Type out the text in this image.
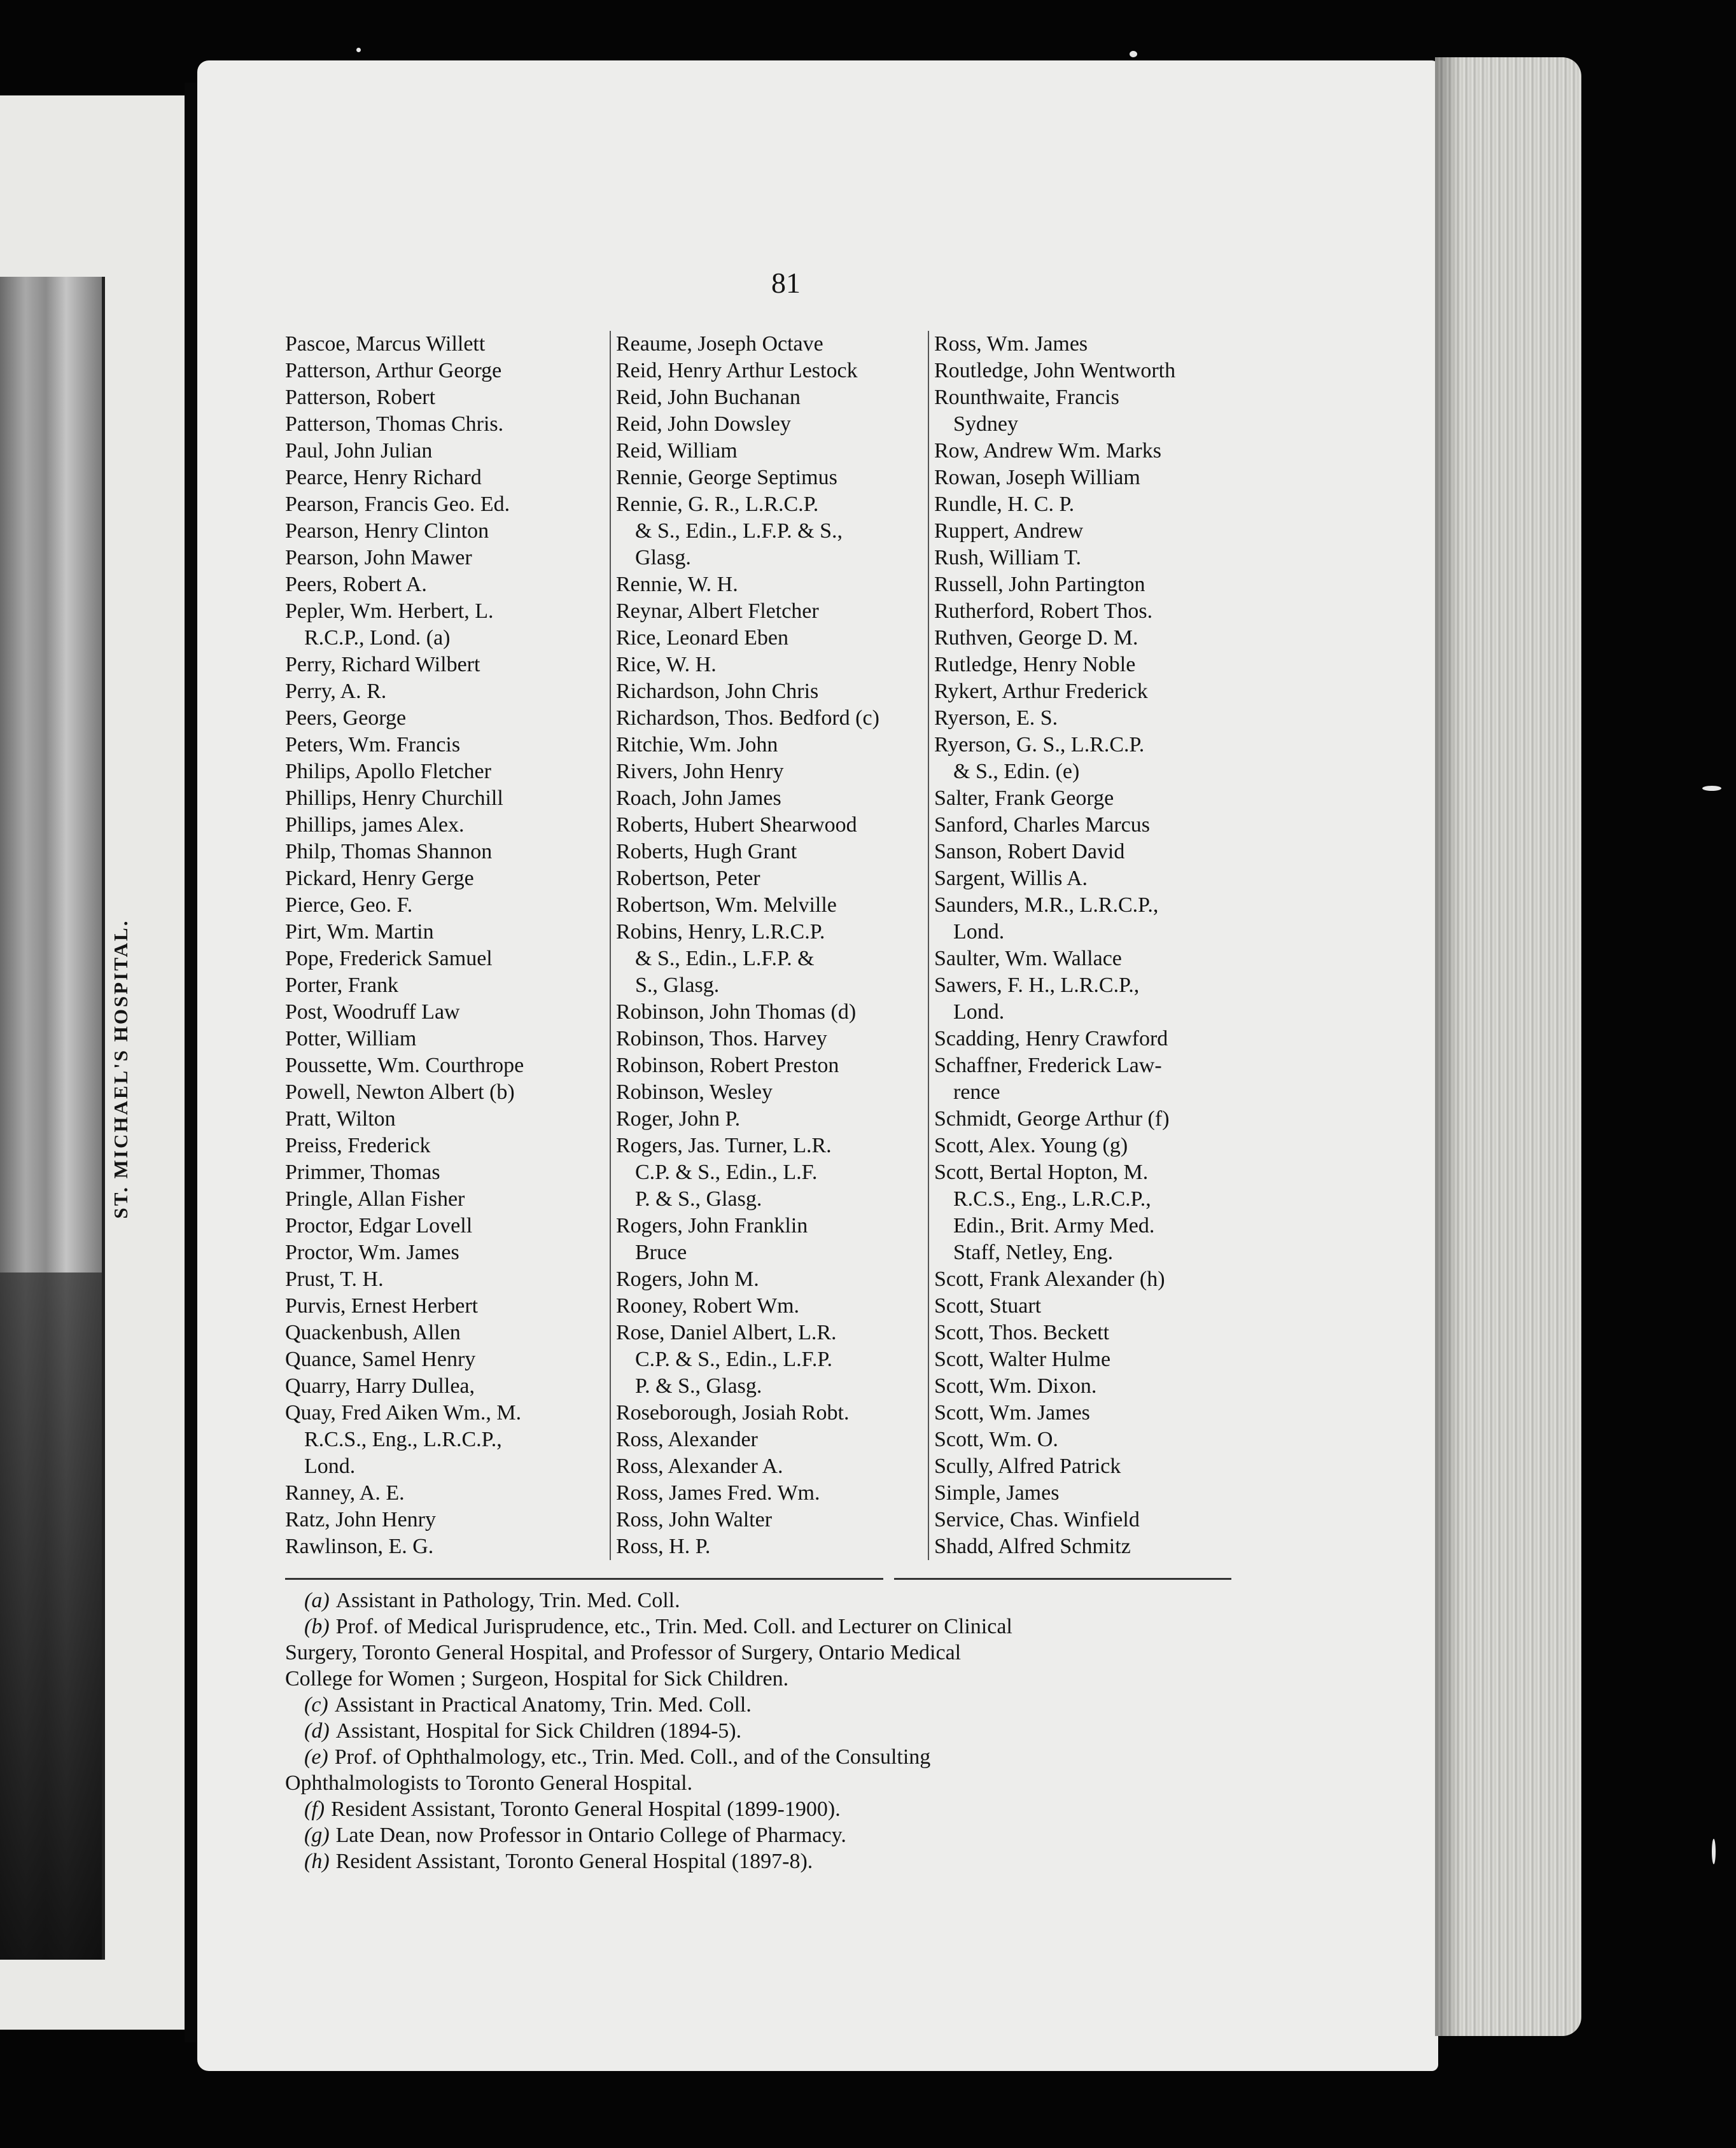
ST. MICHAEL'S HOSPITAL.
81
Pascoe, Marcus Willett
Patterson, Arthur George
Patterson, Robert
Patterson, Thomas Chris.
Paul, John Julian
Pearce, Henry Richard
Pearson, Francis Geo. Ed.
Pearson, Henry Clinton
Pearson, John Mawer
Peers, Robert A.
Pepler, Wm. Herbert, L.
R.C.P., Lond. (a)
Perry, Richard Wilbert
Perry, A. R.
Peers, George
Peters, Wm. Francis
Philips, Apollo Fletcher
Phillips, Henry Churchill
Phillips, james Alex.
Philp, Thomas Shannon
Pickard, Henry Gerge
Pierce, Geo. F.
Pirt, Wm. Martin
Pope, Frederick Samuel
Porter, Frank
Post, Woodruff Law
Potter, William
Poussette, Wm. Courthrope
Powell, Newton Albert (b)
Pratt, Wilton
Preiss, Frederick
Primmer, Thomas
Pringle, Allan Fisher
Proctor, Edgar Lovell
Proctor, Wm. James
Prust, T. H.
Purvis, Ernest Herbert
Quackenbush, Allen
Quance, Samel Henry
Quarry, Harry Dullea,
Quay, Fred Aiken Wm., M.
R.C.S., Eng., L.R.C.P.,
Lond.
Ranney, A. E.
Ratz, John Henry
Rawlinson, E. G.
Reaume, Joseph Octave
Reid, Henry Arthur Lestock
Reid, John Buchanan
Reid, John Dowsley
Reid, William
Rennie, George Septimus
Rennie, G. R., L.R.C.P.
& S., Edin., L.F.P. & S.,
Glasg.
Rennie, W. H.
Reynar, Albert Fletcher
Rice, Leonard Eben
Rice, W. H.
Richardson, John Chris
Richardson, Thos. Bedford (c)
Ritchie, Wm. John
Rivers, John Henry
Roach, John James
Roberts, Hubert Shearwood
Roberts, Hugh Grant
Robertson, Peter
Robertson, Wm. Melville
Robins, Henry, L.R.C.P.
& S., Edin., L.F.P. &
S., Glasg.
Robinson, John Thomas (d)
Robinson, Thos. Harvey
Robinson, Robert Preston
Robinson, Wesley
Roger, John P.
Rogers, Jas. Turner, L.R.
C.P. & S., Edin., L.F.
P. & S., Glasg.
Rogers, John Franklin
Bruce
Rogers, John M.
Rooney, Robert Wm.
Rose, Daniel Albert, L.R.
C.P. & S., Edin., L.F.P.
P. & S., Glasg.
Roseborough, Josiah Robt.
Ross, Alexander
Ross, Alexander A.
Ross, James Fred. Wm.
Ross, John Walter
Ross, H. P.
Ross, Wm. James
Routledge, John Wentworth
Rounthwaite, Francis
Sydney
Row, Andrew Wm. Marks
Rowan, Joseph William
Rundle, H. C. P.
Ruppert, Andrew
Rush, William T.
Russell, John Partington
Rutherford, Robert Thos.
Ruthven, George D. M.
Rutledge, Henry Noble
Rykert, Arthur Frederick
Ryerson, E. S.
Ryerson, G. S., L.R.C.P.
& S., Edin. (e)
Salter, Frank George
Sanford, Charles Marcus
Sanson, Robert David
Sargent, Willis A.
Saunders, M.R., L.R.C.P.,
Lond.
Saulter, Wm. Wallace
Sawers, F. H., L.R.C.P.,
Lond.
Scadding, Henry Crawford
Schaffner, Frederick Law-
rence
Schmidt, George Arthur (f)
Scott, Alex. Young (g)
Scott, Bertal Hopton, M.
R.C.S., Eng., L.R.C.P.,
Edin., Brit. Army Med.
Staff, Netley, Eng.
Scott, Frank Alexander (h)
Scott, Stuart
Scott, Thos. Beckett
Scott, Walter Hulme
Scott, Wm. Dixon.
Scott, Wm. James
Scott, Wm. O.
Scully, Alfred Patrick
Simple, James
Service, Chas. Winfield
Shadd, Alfred Schmitz

(a) Assistant in Pathology, Trin. Med. Coll.

(b) Prof. of Medical Jurisprudence, etc., Trin. Med. Coll. and Lecturer on Clinical

Surgery, Toronto General Hospital, and Professor of Surgery, Ontario Medical

College for Women ; Surgeon, Hospital for Sick Children.

(c) Assistant in Practical Anatomy, Trin. Med. Coll.

(d) Assistant, Hospital for Sick Children (1894-5).

(e) Prof. of Ophthalmology, etc., Trin. Med. Coll., and of the Consulting

Ophthalmologists to Toronto General Hospital.

(f) Resident Assistant, Toronto General Hospital (1899-1900).

(g) Late Dean, now Professor in Ontario College of Pharmacy.

(h) Resident Assistant, Toronto General Hospital (1897-8).
